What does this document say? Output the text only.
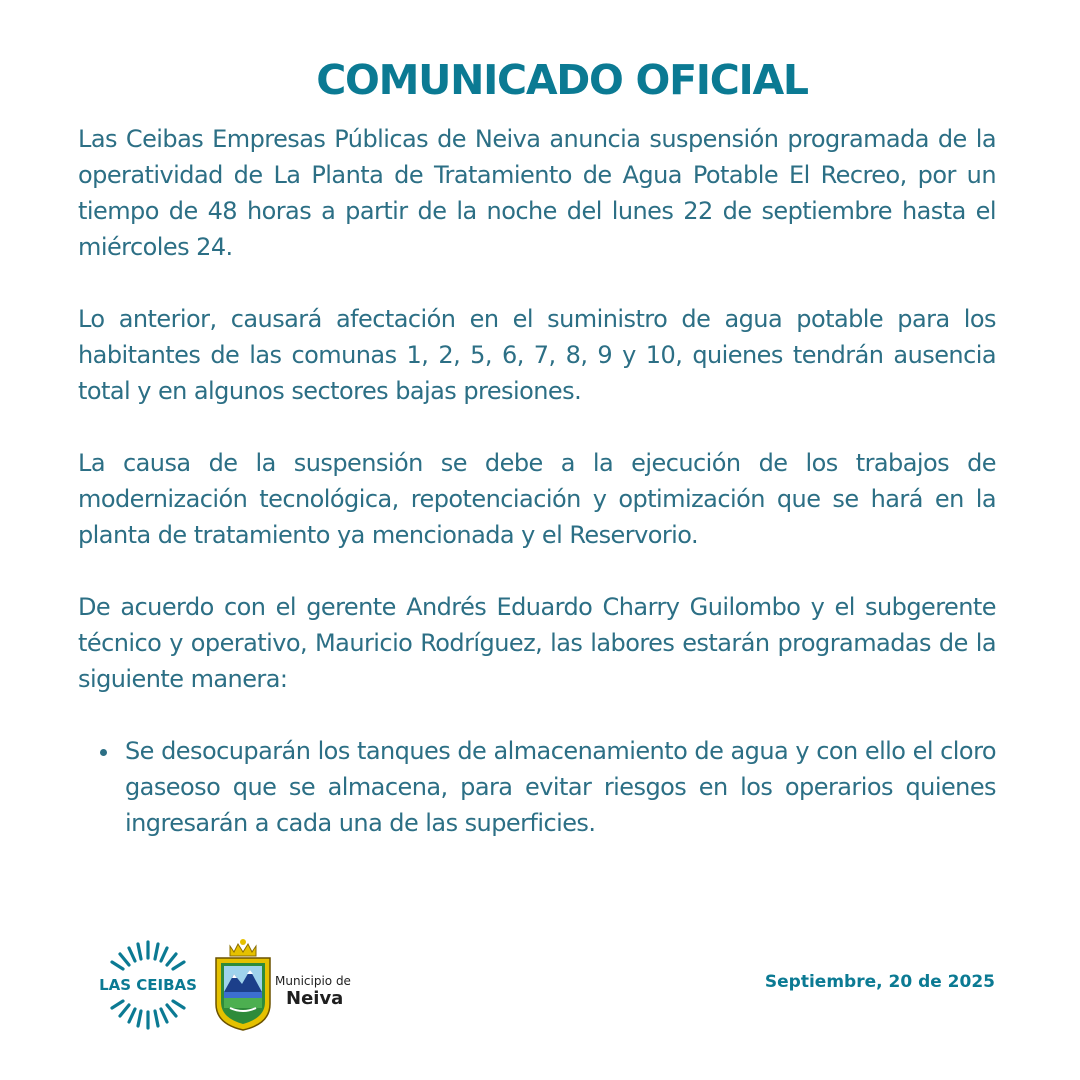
COMUNICADO OFICIAL

Las Ceibas Empresas Públicas de Neiva anuncia suspensión programada de la operatividad de La Planta de Tratamiento de Agua Potable El Recreo, por un tiempo de 48 horas a partir de la noche del lunes 22 de septiembre hasta el miércoles 24.

Lo anterior, causará afectación en el suministro de agua potable para los habitantes de las comunas 1, 2, 5, 6, 7, 8, 9 y 10, quienes tendrán ausencia total y en algunos sectores bajas presiones.

La causa de la suspensión se debe a la ejecución de los trabajos de modernización tecnológica, repotenciación y optimización que se hará en la planta de tratamiento ya mencionada y el Reservorio.

De acuerdo con el gerente Andrés Eduardo Charry Guilombo y el subgerente técnico y operativo, Mauricio Rodríguez, las labores estarán programadas de la siguiente manera:

Se desocuparán los tanques de almacenamiento de agua y con ello el cloro gaseoso que se almacena, para evitar riesgos en los operarios quienes ingresarán a cada una de las superficies.
LAS CEIBAS	Municipio de
Neiva
Septiembre, 20 de 2025
